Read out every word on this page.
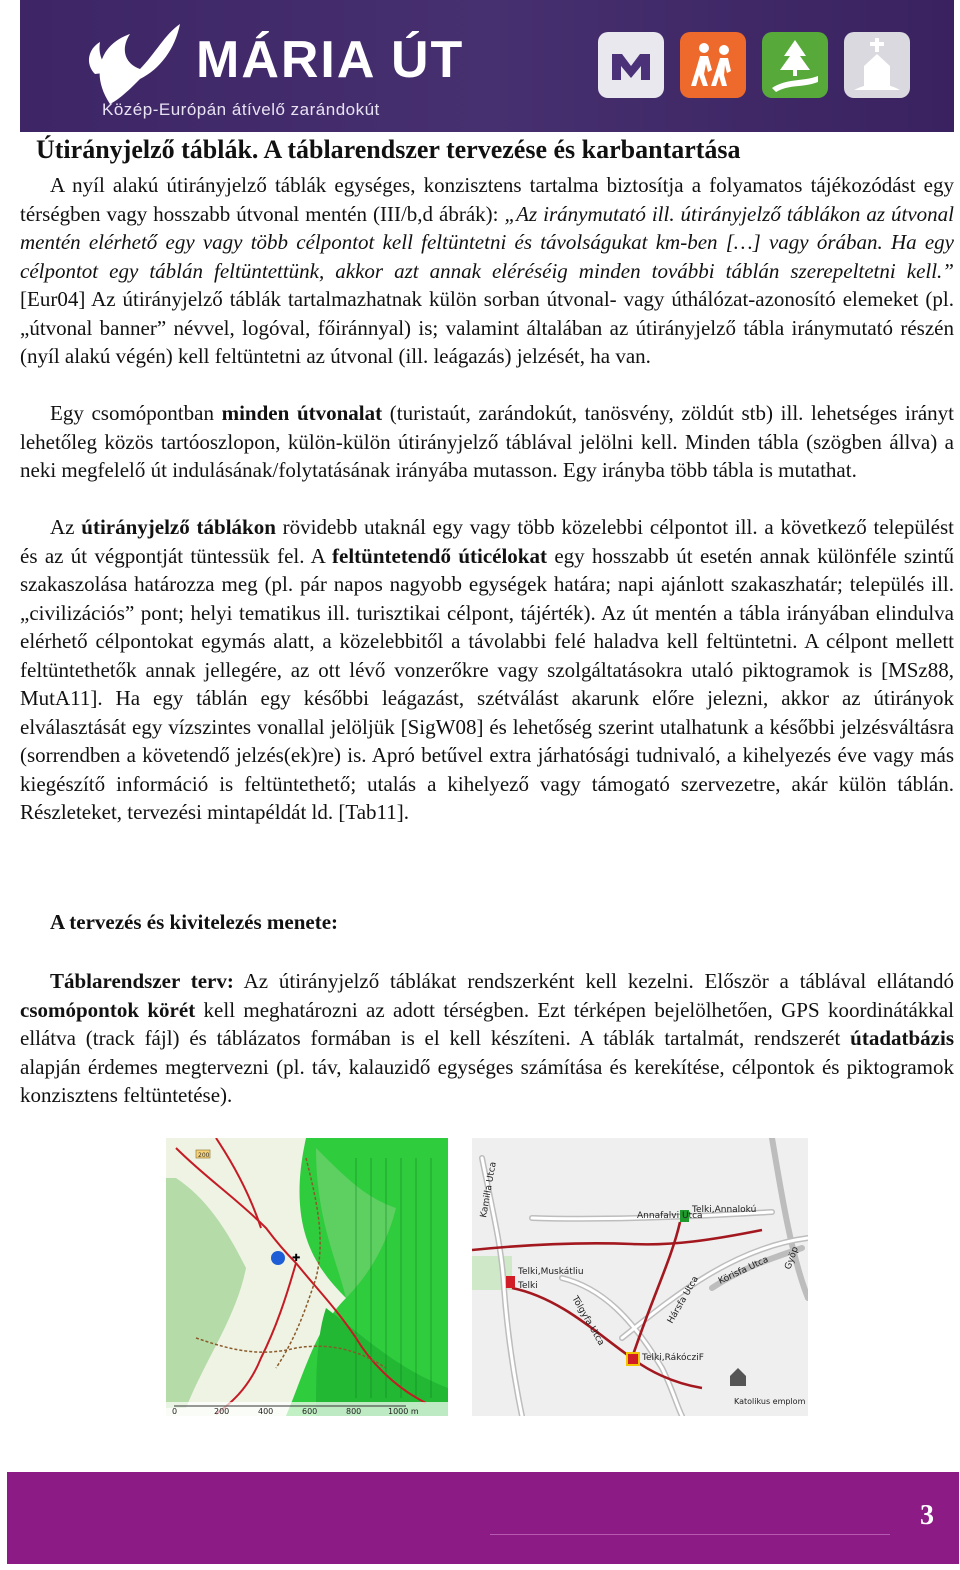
MÁRIA ÚT
Közép-Európán átívelő zarándokút
Útirányjelző táblák. A táblarendszer tervezése és karbantartása

A nyíl alakú útirányjelző táblák egységes, konzisztens tartalma biztosítja a folyamatos tájékozódást egy térségben vagy hosszabb útvonal mentén (III/b,d ábrák): „Az iránymutató ill. útirányjelző táblákon az útvonal mentén elérhető egy vagy több célpontot kell feltüntetni és távolságukat km-ben […] vagy órában. Ha egy célpontot egy táblán feltüntettünk, akkor azt annak eléréséig minden további táblán szerepeltetni kell.” [Eur04] Az útirányjelző táblák tartalmazhatnak külön sorban útvonal- vagy úthálózat-azonosító elemeket (pl. „útvonal banner” névvel, logóval, főiránnyal) is; valamint általában az útirányjelző tábla iránymutató részén (nyíl alakú végén) kell feltüntetni az útvonal (ill. leágazás) jelzését, ha van.

Egy csomópontban minden útvonalat (turistaút, zarándokút, tanösvény, zöldút stb) ill. lehetséges irányt lehetőleg közös tartóoszlopon, külön-külön útirányjelző táblával jelölni kell. Minden tábla (szögben állva) a neki megfelelő út indulásának/folytatásának irányába mutasson. Egy irányba több tábla is mutathat.

Az útirányjelző táblákon rövidebb utaknál egy vagy több közelebbi célpontot ill. a következő települést és az út végpontját tüntessük fel. A feltüntetendő úticélokat egy hosszabb út esetén annak különféle szintű szakaszolása határozza meg (pl. pár napos nagyobb egységek határa; napi ajánlott szakaszhatár; település ill. „civilizációs” pont; helyi tematikus ill. turisztikai célpont, tájérték). Az út mentén a tábla irányában elindulva elérhető célpontokat egymás alatt, a közelebbitől a távolabbi felé haladva kell feltüntetni. A célpont mellett feltüntethetők annak jellegére, az ott lévő vonzerőkre vagy szolgáltatásokra utaló piktogramok is [MSz88, MutA11]. Ha egy táblán egy későbbi leágazást, szétválást akarunk előre jelezni, akkor az útirányok elválasztását egy vízszintes vonallal jelöljük [SigW08] és lehetőség szerint utalhatunk a későbbi jelzésváltásra (sorrendben a követendő jelzés(ek)re) is. Apró betűvel extra járhatósági tudnivaló, a kihelyezés éve vagy más kiegészítő információ is feltüntethető; utalás a kihelyező vagy támogató szervezetre, akár külön táblán. Részleteket, tervezési mintapéldát ld. [Tab11].

A tervezés és kivitelezés menete:

Táblarendszer terv: Az útirányjelző táblákat rendszerként kell kezelni. Először a táblával ellátandó csomópontok körét kell meghatározni az adott térségben. Ezt térképen bejelölhetően, GPS koordinátákkal ellátva (track fájl) és táblázatos formában is el kell készíteni. A táblák tartalmát, rendszerét útadatbázis alapján érdemes megtervezni (pl. táv, kalauzidő egységes számítása és kerekítése, célpontok és piktogramok konzisztens feltüntetése).

✚
200
0	200	400	600	800	1000 m
Kamilla Utca	Annafalvi Utca
Telki,Annalokú
Telki,Muskátliu
Telki
Tölgyfa Utca	Hársfa Utca
Körisfa Utca
Telki,RákócziF
Katolikus emplom
Gyöp
3
